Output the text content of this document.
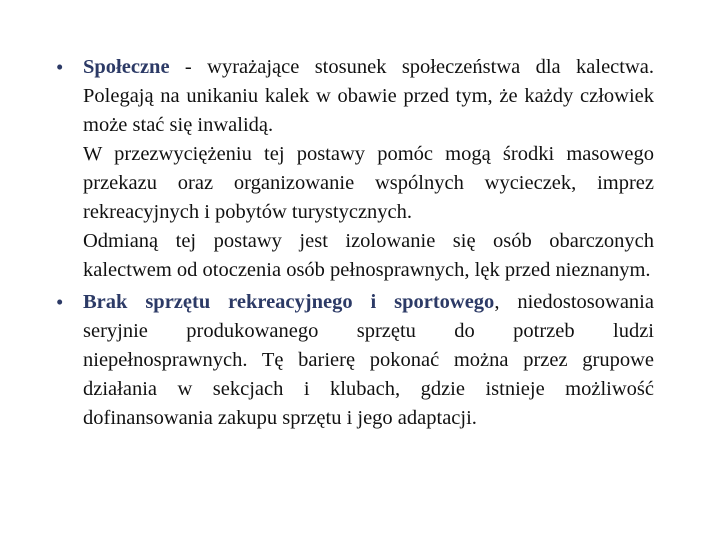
• Społeczne - wyrażające stosunek społeczeństwa dla kalectwa. Polegają na unikaniu kalek w obawie przed tym, że każdy człowiek może stać się inwalidą.

W przezwyciężeniu tej postawy pomóc mogą środki masowego przekazu oraz organizowanie wspólnych wycieczek, imprez rekreacyjnych i pobytów turystycznych.

Odmianą tej postawy jest izolowanie się osób obarczonych kalectwem od otoczenia osób pełnosprawnych, lęk przed nieznanym.

• Brak sprzętu rekreacyjnego i sportowego, niedostosowania seryjnie produkowanego sprzętu do potrzeb ludzi niepełnosprawnych. Tę barierę pokonać można przez grupowe działania w sekcjach i klubach, gdzie istnieje możliwość dofinansowania zakupu sprzętu i jego adaptacji.
